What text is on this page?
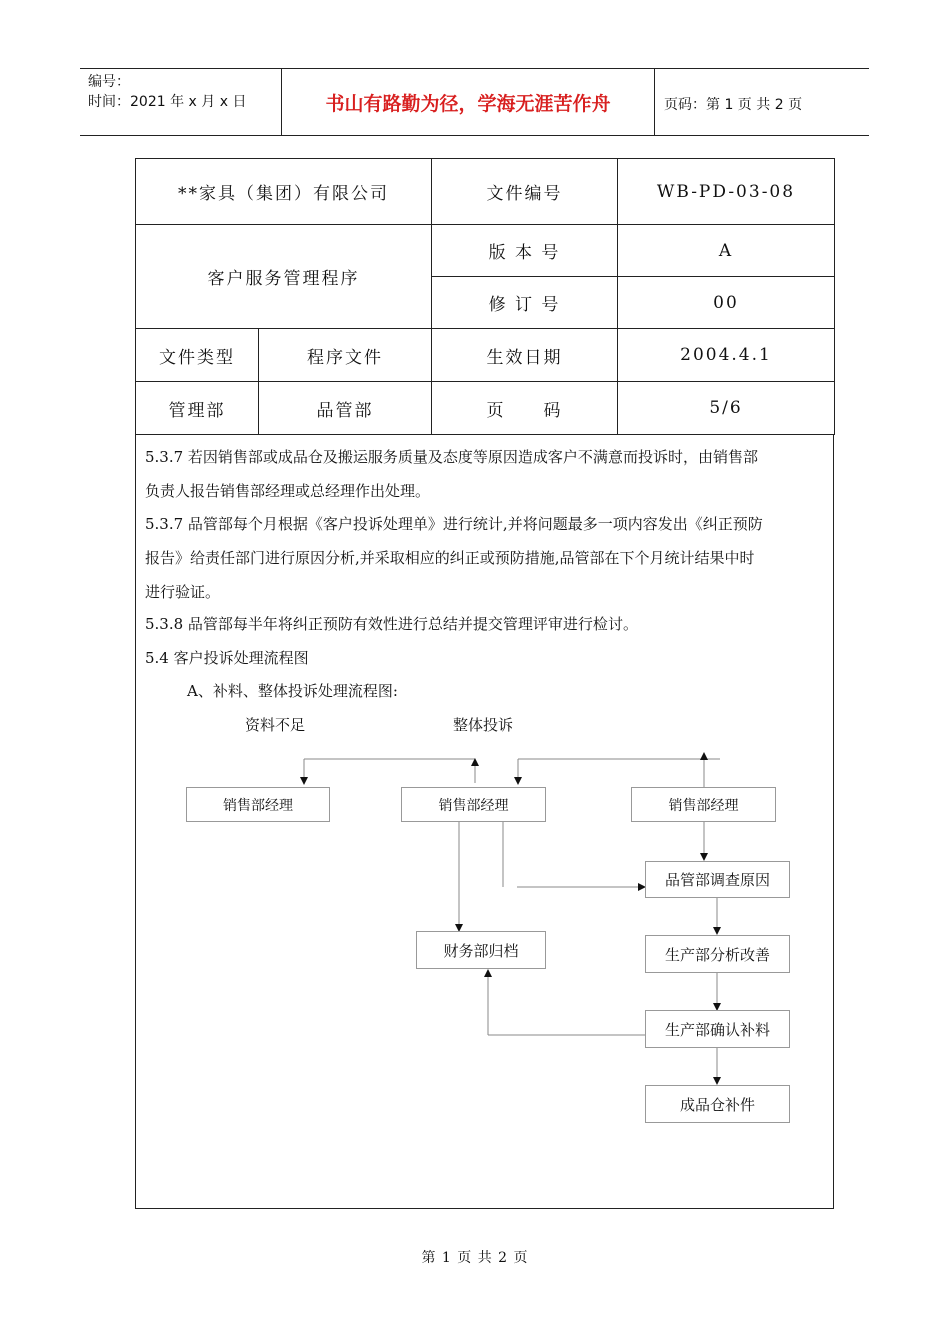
编号：
时间：2021 年 x 月 x 日	书山有路勤为径，学海无涯苦作舟	页码：第 1 页 共 2 页
**家具（集团）有限公司		文件编号	WB-PD-03-08
客户服务管理程序		版 本 号	A
		修 订 号	00
文件类型	程序文件	生效日期	2004.4.1
管理部	品管部	页　　码	5/6
5.3.7 若因销售部或成品仓及搬运服务质量及态度等原因造成客户不满意而投诉时，由销售部
负责人报告销售部经理或总经理作出处理。
5.3.7 品管部每个月根据《客户投诉处理单》进行统计,并将问题最多一项内容发出《纠正预防
报告》给责任部门进行原因分析,并采取相应的纠正或预防措施,品管部在下个月统计结果中时
进行验证。
5.3.8 品管部每半年将纠正预防有效性进行总结并提交管理评审进行检讨。
5.4 客户投诉处理流程图
A、补料、整体投诉处理流程图:
资料不足	整体投诉
销售部经理	销售部经理	销售部经理
品管部调查原因
财务部归档	生产部分析改善
生产部确认补料
成品仓补件
第 1 页 共 2 页
